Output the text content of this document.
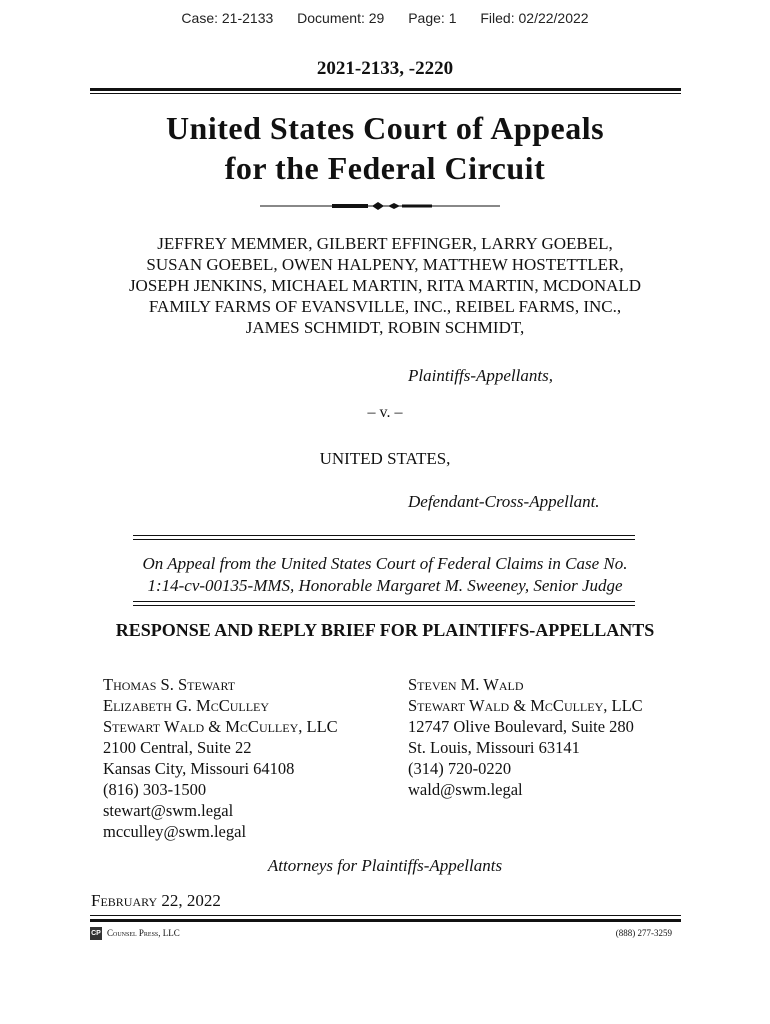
Case: 21-2133 Document: 29 Page: 1 Filed: 02/22/2022
2021-2133, -2220
United States Court of Appeals
for the Federal Circuit
JEFFREY MEMMER, GILBERT EFFINGER, LARRY GOEBEL,
SUSAN GOEBEL, OWEN HALPENY, MATTHEW HOSTETTLER,
JOSEPH JENKINS, MICHAEL MARTIN, RITA MARTIN, MCDONALD
FAMILY FARMS OF EVANSVILLE, INC., REIBEL FARMS, INC.,
JAMES SCHMIDT, ROBIN SCHMIDT,
Plaintiffs-Appellants,
– v. –
UNITED STATES,
Defendant-Cross-Appellant.
On Appeal from the United States Court of Federal Claims in Case No.
1:14-cv-00135-MMS, Honorable Margaret M. Sweeney, Senior Judge
RESPONSE AND REPLY BRIEF FOR PLAINTIFFS-APPELLANTS
Thomas S. Stewart
Elizabeth G. McCulley
Stewart Wald & McCulley, LLC
2100 Central, Suite 22
Kansas City, Missouri 64108
(816) 303-1500
stewart@swm.legal
mcculley@swm.legal
Steven M. Wald
Stewart Wald & McCulley, LLC
12747 Olive Boulevard, Suite 280
St. Louis, Missouri 63141
(314) 720-0220
wald@swm.legal
Attorneys for Plaintiffs-Appellants
February 22, 2022
CP Counsel Press, LLC	(888) 277-3259
